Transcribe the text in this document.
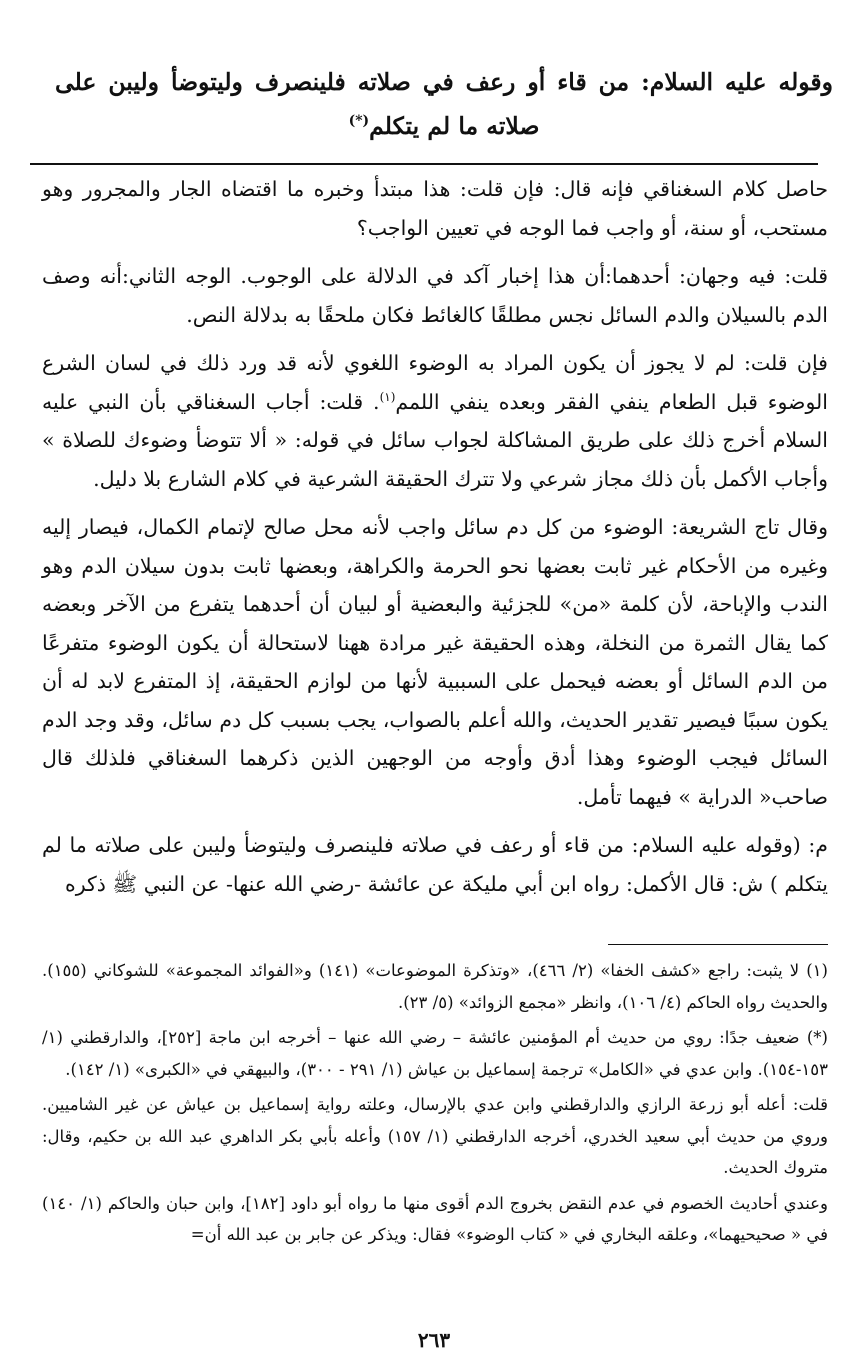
وقوله عليه السلام: من قاء أو رعف في صلاته فلينصرف وليتوضأ وليبن على صلاته ما لم يتكلم(*)

حاصل كلام السغناقي فإنه قال: فإن قلت: هذا مبتدأ وخبره ما اقتضاه الجار والمجرور وهو مستحب، أو سنة، أو واجب فما الوجه في تعيين الواجب؟

قلت: فيه وجهان: أحدهما:أن هذا إخبار آكد في الدلالة على الوجوب. الوجه الثاني:أنه وصف الدم بالسيلان والدم السائل نجس مطلقًا كالغائط فكان ملحقًا به بدلالة النص.

فإن قلت: لم لا يجوز أن يكون المراد به الوضوء اللغوي لأنه قد ورد ذلك في لسان الشرع الوضوء قبل الطعام ينفي الفقر وبعده ينفي اللمم$^{(١)}$. قلت: أجاب السغناقي بأن النبي عليه السلام أخرج ذلك على طريق المشاكلة لجواب سائل في قوله: « ألا تتوضأ وضوءك للصلاة » وأجاب الأكمل بأن ذلك مجاز شرعي ولا تترك الحقيقة الشرعية في كلام الشارع بلا دليل.

وقال تاج الشريعة: الوضوء من كل دم سائل واجب لأنه محل صالح لإتمام الكمال، فيصار إليه وغيره من الأحكام غير ثابت بعضها نحو الحرمة والكراهة، وبعضها ثابت بدون سيلان الدم وهو الندب والإباحة، لأن كلمة «من» للجزئية والبعضية أو لبيان أن أحدهما يتفرع من الآخر وبعضه كما يقال الثمرة من النخلة، وهذه الحقيقة غير مرادة ههنا لاستحالة أن يكون الوضوء متفرعًا من الدم السائل أو بعضه فيحمل على السببية لأنها من لوازم الحقيقة، إذ المتفرع لابد له أن يكون سببًا فيصير تقدير الحديث، والله أعلم بالصواب، يجب بسبب كل دم سائل، وقد وجد الدم السائل فيجب الوضوء وهذا أدق وأوجه من الوجهين الذين ذكرهما السغناقي فلذلك قال صاحب« الدراية » فيهما تأمل.

م: (وقوله عليه السلام: من قاء أو رعف في صلاته فلينصرف وليتوضأ وليبن على صلاته ما لم يتكلم ) ش: قال الأكمل: رواه ابن أبي مليكة عن عائشة -رضي الله عنها- عن النبي ﷺ ذكره

(١) لا يثبت: راجع «كشف الخفا» (٢/ ٤٦٦)، «وتذكرة الموضوعات» (١٤١) و«الفوائد المجموعة» للشوكاني (١٥٥). والحديث رواه الحاكم (٤/ ١٠٦)، وانظر «مجمع الزوائد» (٥/ ٢٣).

(*) ضعيف جدًا: روي من حديث أم المؤمنين عائشة – رضي الله عنها – أخرجه ابن ماجة [٢٥٢]، والدارقطني (١/ ١٥٣-١٥٤). وابن عدي في «الكامل» ترجمة إسماعيل بن عياش (١/ ٢٩١ - ٣٠٠)، والبيهقي في «الكبرى» (١/ ١٤٢).

قلت: أعله أبو زرعة الرازي والدارقطني وابن عدي بالإرسال، وعلته رواية إسماعيل بن عياش عن غير الشاميين. وروي من حديث أبي سعيد الخدري، أخرجه الدارقطني (١/ ١٥٧) وأعله بأبي بكر الداهري عبد الله بن حكيم، وقال: متروك الحديث.

وعندي أحاديث الخصوم في عدم النقض بخروج الدم أقوى منها ما رواه أبو داود [١٨٢]، وابن حبان والحاكم (١/ ١٤٠) في « صحيحيهما»، وعلقه البخاري في « كتاب الوضوء» فقال: ويذكر عن جابر بن عبد الله أن=

٢٦٣
